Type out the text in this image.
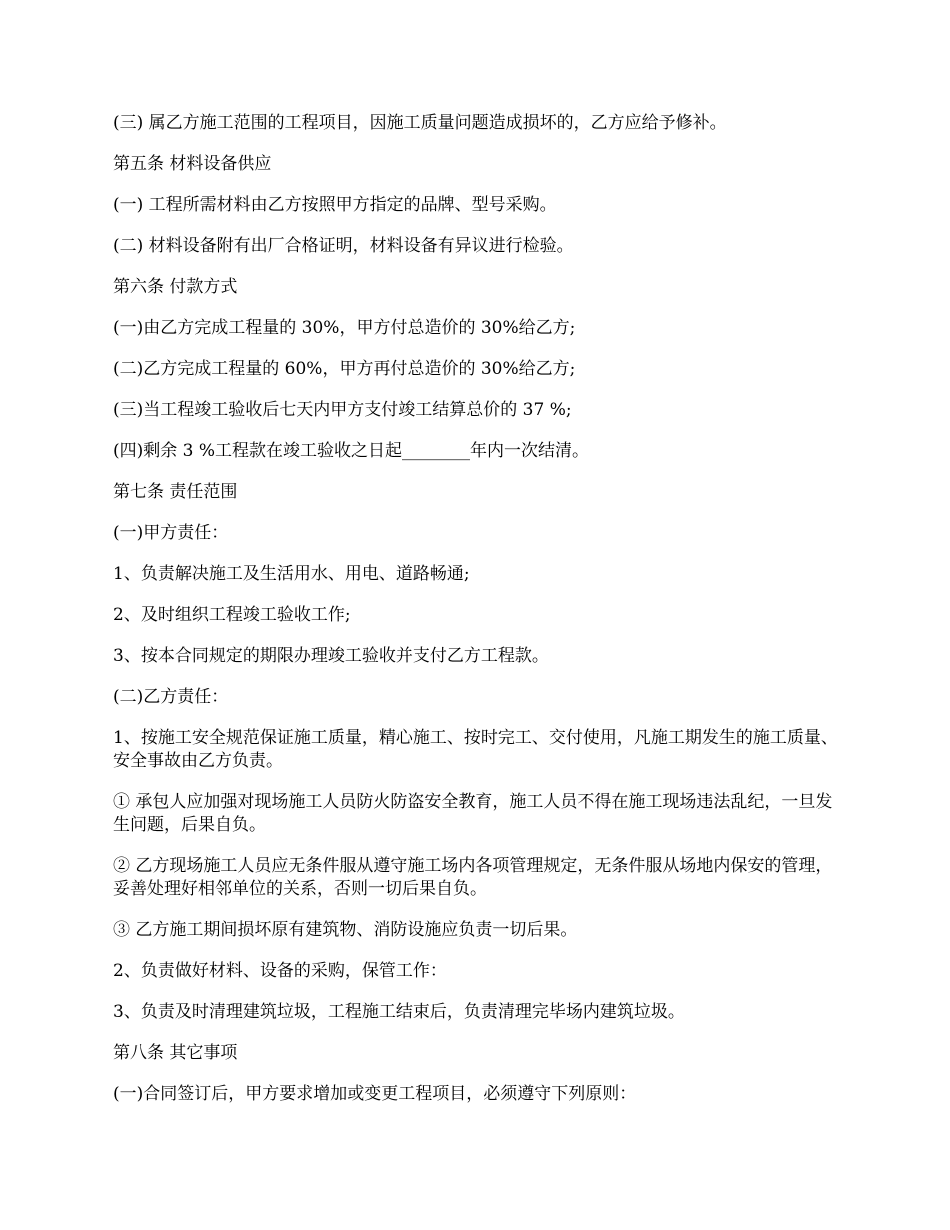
(三) 属乙方施工范围的工程项目，因施工质量问题造成损坏的，乙方应给予修补。

第五条 材料设备供应

(一) 工程所需材料由乙方按照甲方指定的品牌、型号采购。

(二) 材料设备附有出厂合格证明，材料设备有异议进行检验。

第六条 付款方式

(一)由乙方完成工程量的 30%，甲方付总造价的 30%给乙方;

(二)乙方完成工程量的 60%，甲方再付总造价的 30%给乙方;

(三)当工程竣工验收后七天内甲方支付竣工结算总价的 37 %;

(四)剩余 3 %工程款在竣工验收之日起________年内一次结清。

第七条 责任范围

(一)甲方责任：

1、负责解决施工及生活用水、用电、道路畅通;

2、及时组织工程竣工验收工作;

3、按本合同规定的期限办理竣工验收并支付乙方工程款。

(二)乙方责任：

1、按施工安全规范保证施工质量，精心施工、按时完工、交付使用，凡施工期发生的施工质量、安全事故由乙方负责。

① 承包人应加强对现场施工人员防火防盗安全教育，施工人员不得在施工现场违法乱纪，一旦发生问题，后果自负。

② 乙方现场施工人员应无条件服从遵守施工场内各项管理规定，无条件服从场地内保安的管理，妥善处理好相邻单位的关系，否则一切后果自负。

③ 乙方施工期间损坏原有建筑物、消防设施应负责一切后果。

2、负责做好材料、设备的采购，保管工作：

3、负责及时清理建筑垃圾，工程施工结束后，负责清理完毕场内建筑垃圾。

第八条 其它事项

(一)合同签订后，甲方要求增加或变更工程项目，必须遵守下列原则：
